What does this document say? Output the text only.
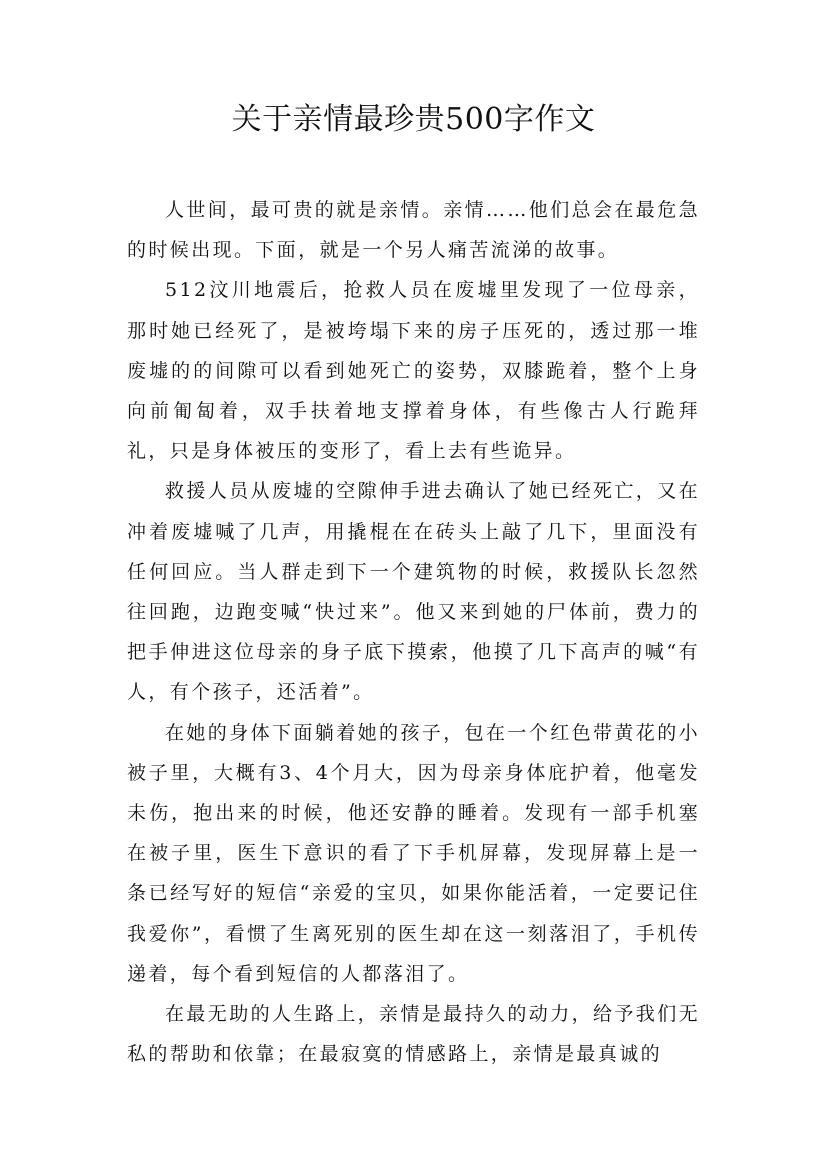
关于亲情最珍贵500字作文

人世间，最可贵的就是亲情。亲情……他们总会在最危急的时候出现。下面，就是一个另人痛苦流涕的故事。

512汶川地震后，抢救人员在废墟里发现了一位母亲，那时她已经死了，是被垮塌下来的房子压死的，透过那一堆废墟的的间隙可以看到她死亡的姿势，双膝跪着，整个上身向前匍匐着，双手扶着地支撑着身体，有些像古人行跪拜礼，只是身体被压的变形了，看上去有些诡异。

救援人员从废墟的空隙伸手进去确认了她已经死亡，又在冲着废墟喊了几声，用撬棍在在砖头上敲了几下，里面没有任何回应。当人群走到下一个建筑物的时候，救援队长忽然往回跑，边跑变喊“快过来”。他又来到她的尸体前，费力的把手伸进这位母亲的身子底下摸索，他摸了几下高声的喊“有人，有个孩子，还活着”。

在她的身体下面躺着她的孩子，包在一个红色带黄花的小被子里，大概有3、4个月大，因为母亲身体庇护着，他毫发未伤，抱出来的时候，他还安静的睡着。发现有一部手机塞在被子里，医生下意识的看了下手机屏幕，发现屏幕上是一条已经写好的短信“亲爱的宝贝，如果你能活着，一定要记住我爱你”，看惯了生离死别的医生却在这一刻落泪了，手机传递着，每个看到短信的人都落泪了。

在最无助的人生路上，亲情是最持久的动力，给予我们无私的帮助和依靠；在最寂寞的情感路上，亲情是最真诚的
